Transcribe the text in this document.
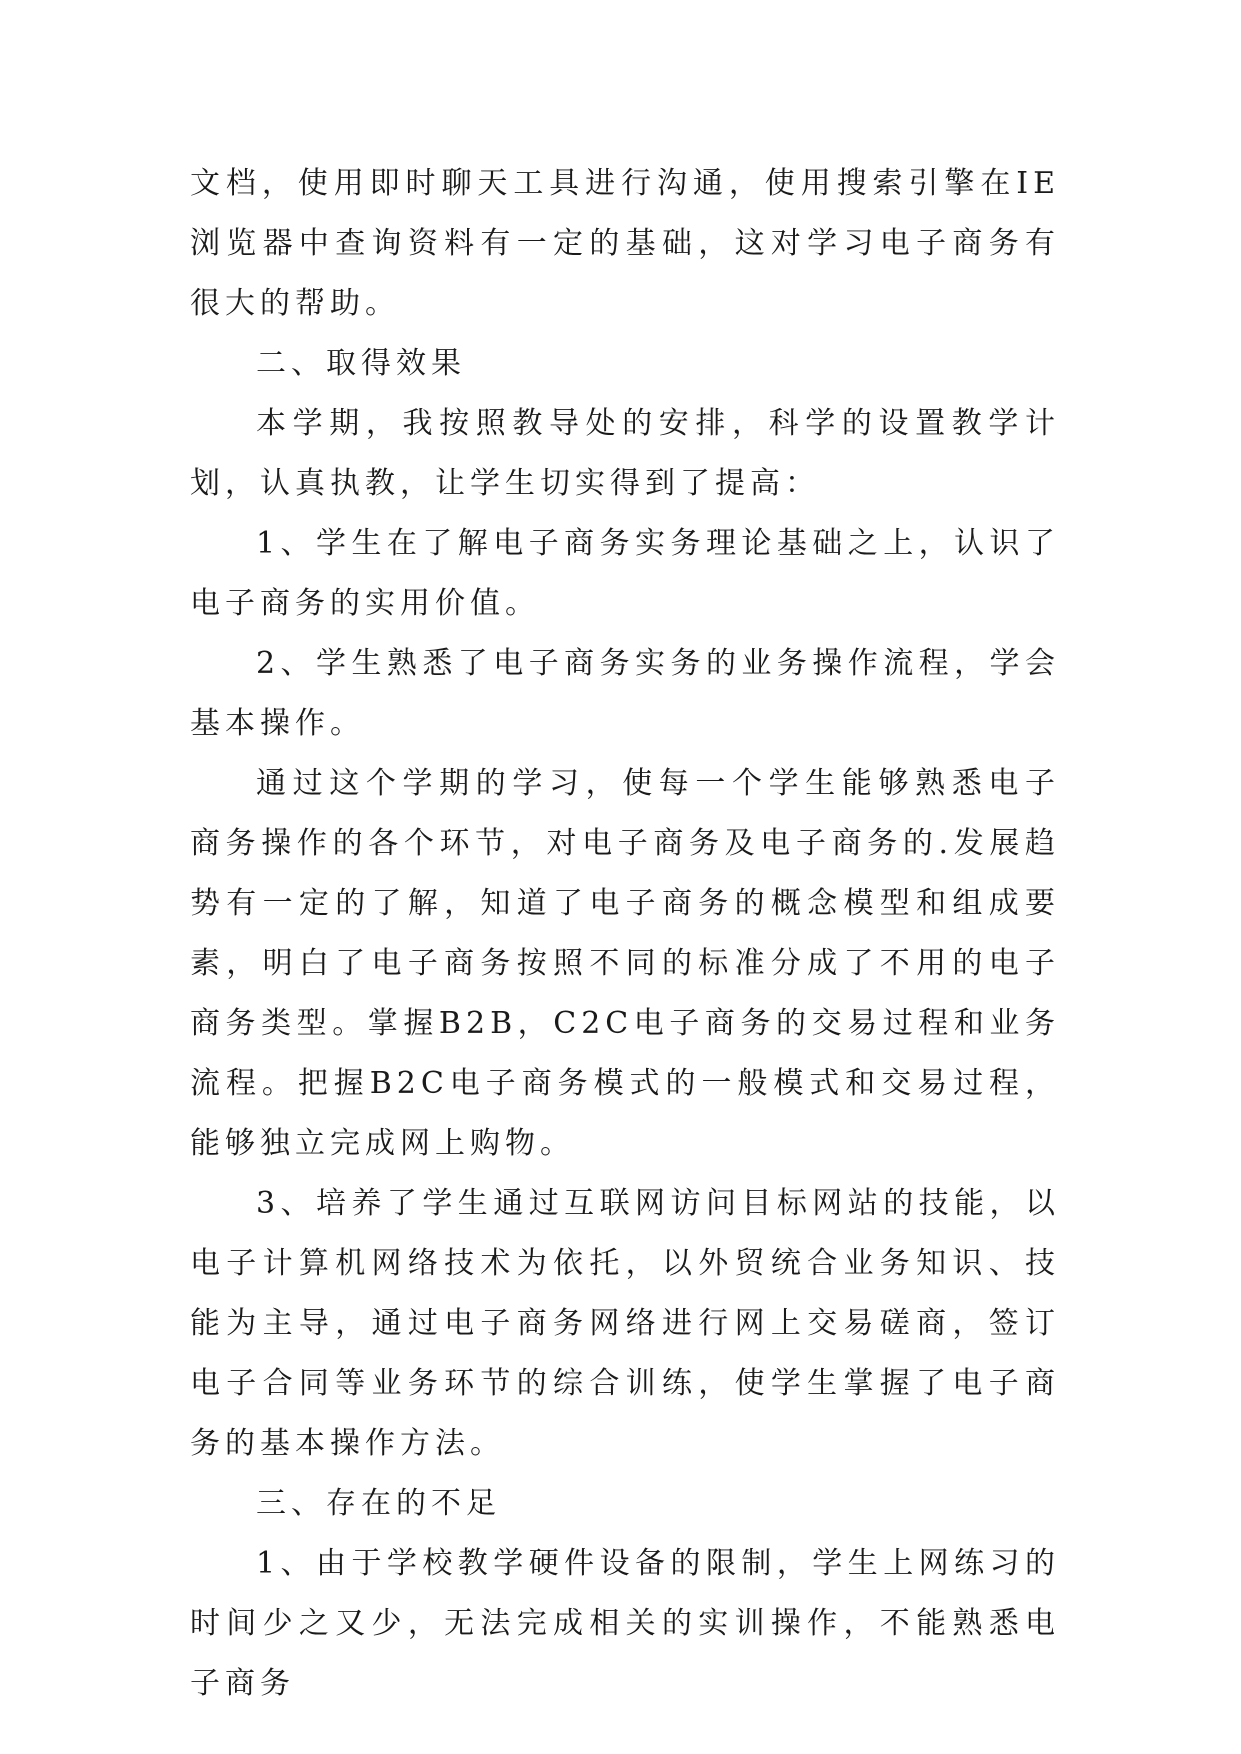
文档，使用即时聊天工具进行沟通，使用搜索引擎在IE浏览器中查询资料有一定的基础，这对学习电子商务有很大的帮助。

二、取得效果

本学期，我按照教导处的安排，科学的设置教学计划，认真执教，让学生切实得到了提高：

1、学生在了解电子商务实务理论基础之上，认识了电子商务的实用价值。

2、学生熟悉了电子商务实务的业务操作流程，学会基本操作。

通过这个学期的学习，使每一个学生能够熟悉电子商务操作的各个环节，对电子商务及电子商务的.发展趋势有一定的了解，知道了电子商务的概念模型和组成要素，明白了电子商务按照不同的标准分成了不用的电子商务类型。掌握B2B，C2C电子商务的交易过程和业务流程。把握B2C电子商务模式的一般模式和交易过程，能够独立完成网上购物。

3、培养了学生通过互联网访问目标网站的技能，以电子计算机网络技术为依托，以外贸统合业务知识、技能为主导，通过电子商务网络进行网上交易磋商，签订电子合同等业务环节的综合训练，使学生掌握了电子商务的基本操作方法。

三、存在的不足

1、由于学校教学硬件设备的限制，学生上网练习的时间少之又少，无法完成相关的实训操作，不能熟悉电子商务
